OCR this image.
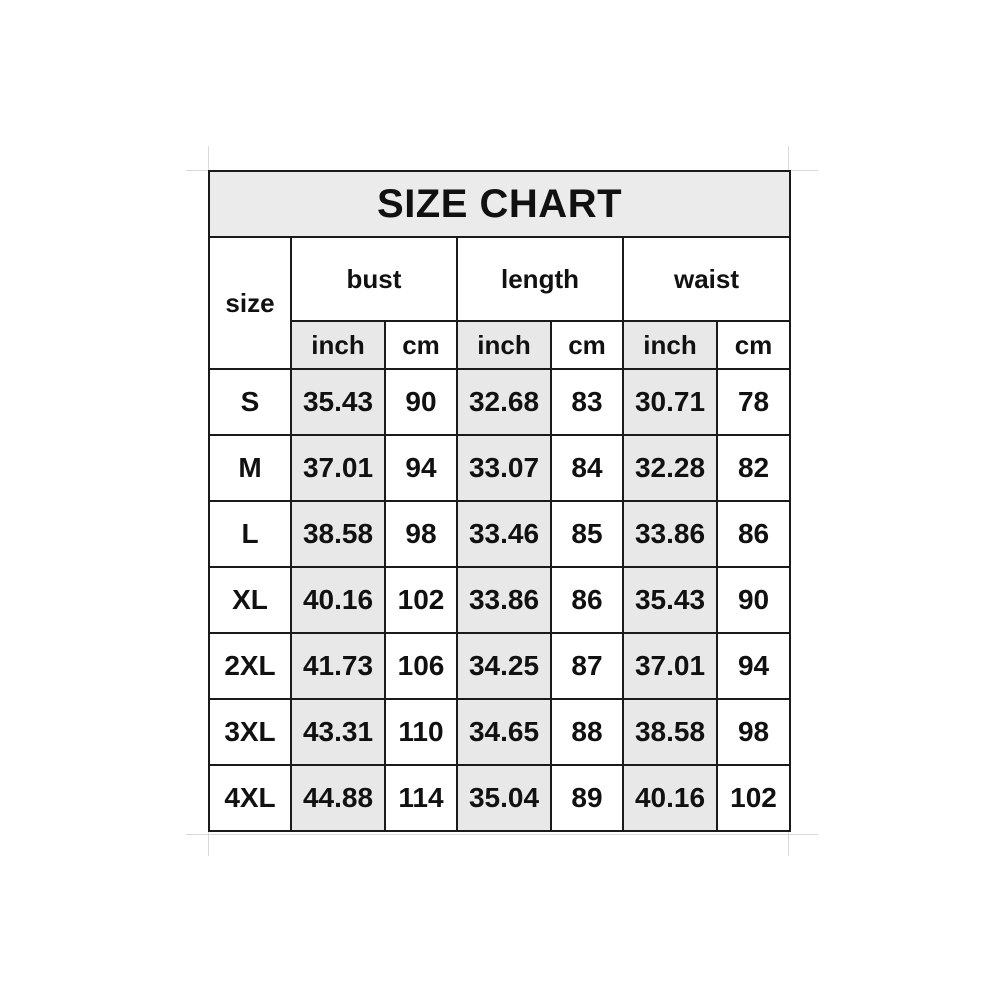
SIZE CHART						
size	bust		length		waist	
	inch	cm	inch	cm	inch	cm
S	35.43	90	32.68	83	30.71	78
M	37.01	94	33.07	84	32.28	82
L	38.58	98	33.46	85	33.86	86
XL	40.16	102	33.86	86	35.43	90
2XL	41.73	106	34.25	87	37.01	94
3XL	43.31	110	34.65	88	38.58	98
4XL	44.88	114	35.04	89	40.16	102
